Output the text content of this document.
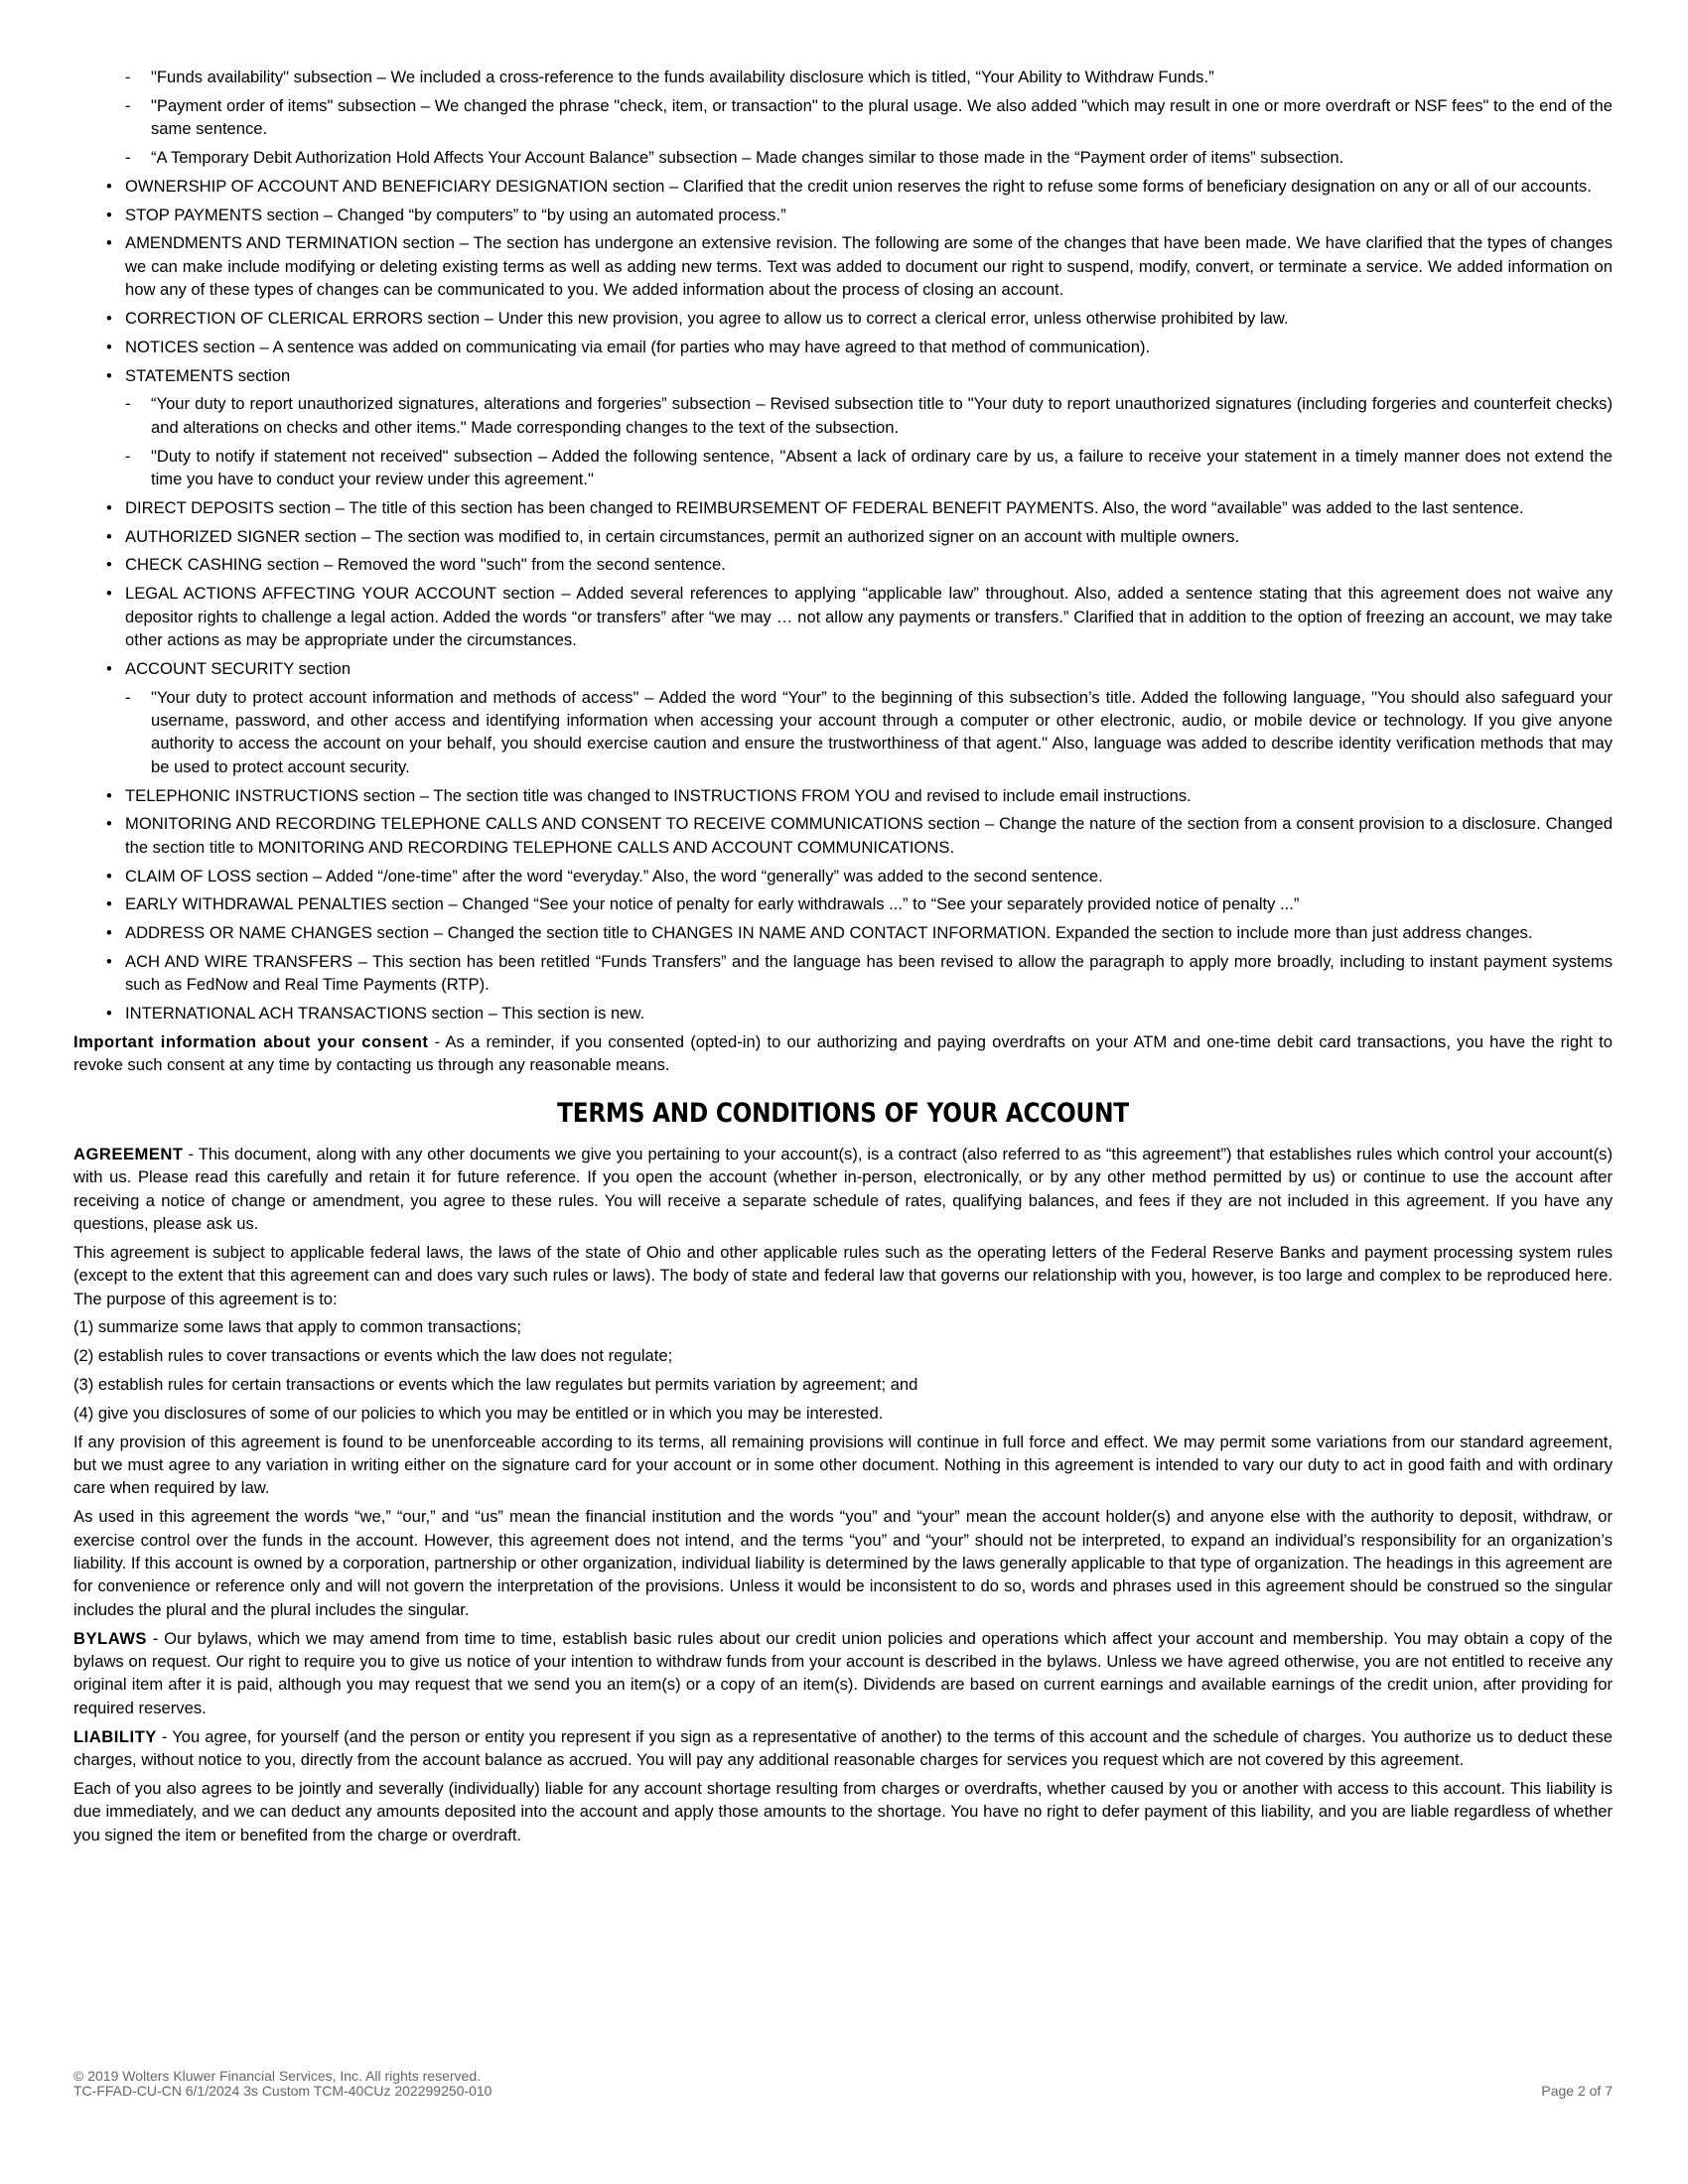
- "Funds availability" subsection – We included a cross-reference to the funds availability disclosure which is titled, “Your Ability to Withdraw Funds.”

- "Payment order of items" subsection – We changed the phrase "check, item, or transaction" to the plural usage. We also added "which may result in one or more overdraft or NSF fees" to the end of the same sentence.

- “A Temporary Debit Authorization Hold Affects Your Account Balance” subsection – Made changes similar to those made in the “Payment order of items” subsection.

• OWNERSHIP OF ACCOUNT AND BENEFICIARY DESIGNATION section – Clarified that the credit union reserves the right to refuse some forms of beneficiary designation on any or all of our accounts.

• STOP PAYMENTS section – Changed “by computers” to “by using an automated process.”

• AMENDMENTS AND TERMINATION section – The section has undergone an extensive revision. The following are some of the changes that have been made. We have clarified that the types of changes we can make include modifying or deleting existing terms as well as adding new terms. Text was added to document our right to suspend, modify, convert, or terminate a service. We added information on how any of these types of changes can be communicated to you. We added information about the process of closing an account.

• CORRECTION OF CLERICAL ERRORS section – Under this new provision, you agree to allow us to correct a clerical error, unless otherwise prohibited by law.

• NOTICES section – A sentence was added on communicating via email (for parties who may have agreed to that method of communication).

• STATEMENTS section

- “Your duty to report unauthorized signatures, alterations and forgeries” subsection – Revised subsection title to "Your duty to report unauthorized signatures (including forgeries and counterfeit checks) and alterations on checks and other items." Made corresponding changes to the text of the subsection.

- "Duty to notify if statement not received" subsection – Added the following sentence, "Absent a lack of ordinary care by us, a failure to receive your statement in a timely manner does not extend the time you have to conduct your review under this agreement."

• DIRECT DEPOSITS section – The title of this section has been changed to REIMBURSEMENT OF FEDERAL BENEFIT PAYMENTS. Also, the word “available” was added to the last sentence.

• AUTHORIZED SIGNER section – The section was modified to, in certain circumstances, permit an authorized signer on an account with multiple owners.

• CHECK CASHING section – Removed the word "such" from the second sentence.

• LEGAL ACTIONS AFFECTING YOUR ACCOUNT section – Added several references to applying “applicable law” throughout. Also, added a sentence stating that this agreement does not waive any depositor rights to challenge a legal action. Added the words “or transfers” after “we may … not allow any payments or transfers.” Clarified that in addition to the option of freezing an account, we may take other actions as may be appropriate under the circumstances.

• ACCOUNT SECURITY section

- "Your duty to protect account information and methods of access" – Added the word “Your” to the beginning of this subsection’s title. Added the following language, "You should also safeguard your username, password, and other access and identifying information when accessing your account through a computer or other electronic, audio, or mobile device or technology. If you give anyone authority to access the account on your behalf, you should exercise caution and ensure the trustworthiness of that agent." Also, language was added to describe identity verification methods that may be used to protect account security.

• TELEPHONIC INSTRUCTIONS section – The section title was changed to INSTRUCTIONS FROM YOU and revised to include email instructions.

• MONITORING AND RECORDING TELEPHONE CALLS AND CONSENT TO RECEIVE COMMUNICATIONS section – Change the nature of the section from a consent provision to a disclosure. Changed the section title to MONITORING AND RECORDING TELEPHONE CALLS AND ACCOUNT COMMUNICATIONS.

• CLAIM OF LOSS section – Added “/one-time” after the word “everyday.” Also, the word “generally” was added to the second sentence.

• EARLY WITHDRAWAL PENALTIES section – Changed “See your notice of penalty for early withdrawals ...” to “See your separately provided notice of penalty ...”

• ADDRESS OR NAME CHANGES section – Changed the section title to CHANGES IN NAME AND CONTACT INFORMATION. Expanded the section to include more than just address changes.

• ACH AND WIRE TRANSFERS – This section has been retitled “Funds Transfers” and the language has been revised to allow the paragraph to apply more broadly, including to instant payment systems such as FedNow and Real Time Payments (RTP).

• INTERNATIONAL ACH TRANSACTIONS section – This section is new.

Important information about your consent - As a reminder, if you consented (opted-in) to our authorizing and paying overdrafts on your ATM and one-time debit card transactions, you have the right to revoke such consent at any time by contacting us through any reasonable means.

TERMS AND CONDITIONS OF YOUR ACCOUNT

AGREEMENT - This document, along with any other documents we give you pertaining to your account(s), is a contract (also referred to as “this agreement”) that establishes rules which control your account(s) with us. Please read this carefully and retain it for future reference. If you open the account (whether in-person, electronically, or by any other method permitted by us) or continue to use the account after receiving a notice of change or amendment, you agree to these rules. You will receive a separate schedule of rates, qualifying balances, and fees if they are not included in this agreement. If you have any questions, please ask us.

This agreement is subject to applicable federal laws, the laws of the state of Ohio and other applicable rules such as the operating letters of the Federal Reserve Banks and payment processing system rules (except to the extent that this agreement can and does vary such rules or laws). The body of state and federal law that governs our relationship with you, however, is too large and complex to be reproduced here. The purpose of this agreement is to:

(1) summarize some laws that apply to common transactions;

(2) establish rules to cover transactions or events which the law does not regulate;

(3) establish rules for certain transactions or events which the law regulates but permits variation by agreement; and

(4) give you disclosures of some of our policies to which you may be entitled or in which you may be interested.

If any provision of this agreement is found to be unenforceable according to its terms, all remaining provisions will continue in full force and effect. We may permit some variations from our standard agreement, but we must agree to any variation in writing either on the signature card for your account or in some other document. Nothing in this agreement is intended to vary our duty to act in good faith and with ordinary care when required by law.

As used in this agreement the words “we,” “our,” and “us” mean the financial institution and the words “you” and “your” mean the account holder(s) and anyone else with the authority to deposit, withdraw, or exercise control over the funds in the account. However, this agreement does not intend, and the terms “you” and “your” should not be interpreted, to expand an individual’s responsibility for an organization’s liability. If this account is owned by a corporation, partnership or other organization, individual liability is determined by the laws generally applicable to that type of organization. The headings in this agreement are for convenience or reference only and will not govern the interpretation of the provisions. Unless it would be inconsistent to do so, words and phrases used in this agreement should be construed so the singular includes the plural and the plural includes the singular.

BYLAWS - Our bylaws, which we may amend from time to time, establish basic rules about our credit union policies and operations which affect your account and membership. You may obtain a copy of the bylaws on request. Our right to require you to give us notice of your intention to withdraw funds from your account is described in the bylaws. Unless we have agreed otherwise, you are not entitled to receive any original item after it is paid, although you may request that we send you an item(s) or a copy of an item(s). Dividends are based on current earnings and available earnings of the credit union, after providing for required reserves.

LIABILITY - You agree, for yourself (and the person or entity you represent if you sign as a representative of another) to the terms of this account and the schedule of charges. You authorize us to deduct these charges, without notice to you, directly from the account balance as accrued. You will pay any additional reasonable charges for services you request which are not covered by this agreement.

Each of you also agrees to be jointly and severally (individually) liable for any account shortage resulting from charges or overdrafts, whether caused by you or another with access to this account. This liability is due immediately, and we can deduct any amounts deposited into the account and apply those amounts to the shortage. You have no right to defer payment of this liability, and you are liable regardless of whether you signed the item or benefited from the charge or overdraft.

© 2019 Wolters Kluwer Financial Services, Inc. All rights reserved.
TC-FFAD-CU-CN 6/1/2024 3s Custom TCM-40CUz 202299250-010	Page 2 of 7
